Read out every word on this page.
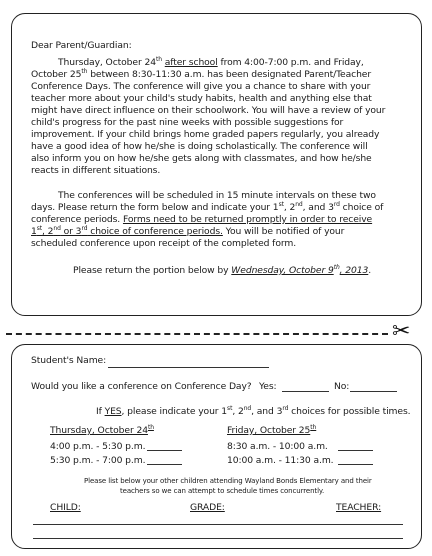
Dear Parent/Guardian:
Thursday, October 24th after school from 4:00-7:00 p.m. and Friday,
October 25th between 8:30-11:30 a.m. has been designated Parent/Teacher
Conference Days. The conference will give you a chance to share with your
teacher more about your child's study habits, health and anything else that
might have direct influence on their schoolwork. You will have a review of your
child's progress for the past nine weeks with possible suggestions for
improvement. If your child brings home graded papers regularly, you already
have a good idea of how he/she is doing scholastically. The conference will
also inform you on how he/she gets along with classmates, and how he/she
reacts in different situations.
The conferences will be scheduled in 15 minute intervals on these two
days. Please return the form below and indicate your 1st, 2nd, and 3rd choice of
conference periods. Forms need to be returned promptly in order to receive
1st, 2nd or 3rd choice of conference periods. You will be notified of your
scheduled conference upon receipt of the completed form.
Please return the portion below by Wednesday, October 9th, 2013.
✂
Student's Name:
Would you like a conference on Conference Day? Yes:	No:
If YES, please indicate your 1st, 2nd, and 3rd choices for possible times.
Thursday, October 24th
4:00 p.m. - 5:30 p.m.
5:30 p.m. - 7:00 p.m.
Friday, October 25th
8:30 a.m. - 10:00 a.m.
10:00 a.m. - 11:30 a.m.
Please list below your other children attending Wayland Bonds Elementary and their
teachers so we can attempt to schedule times concurrently.
CHILD:	GRADE:	TEACHER:
